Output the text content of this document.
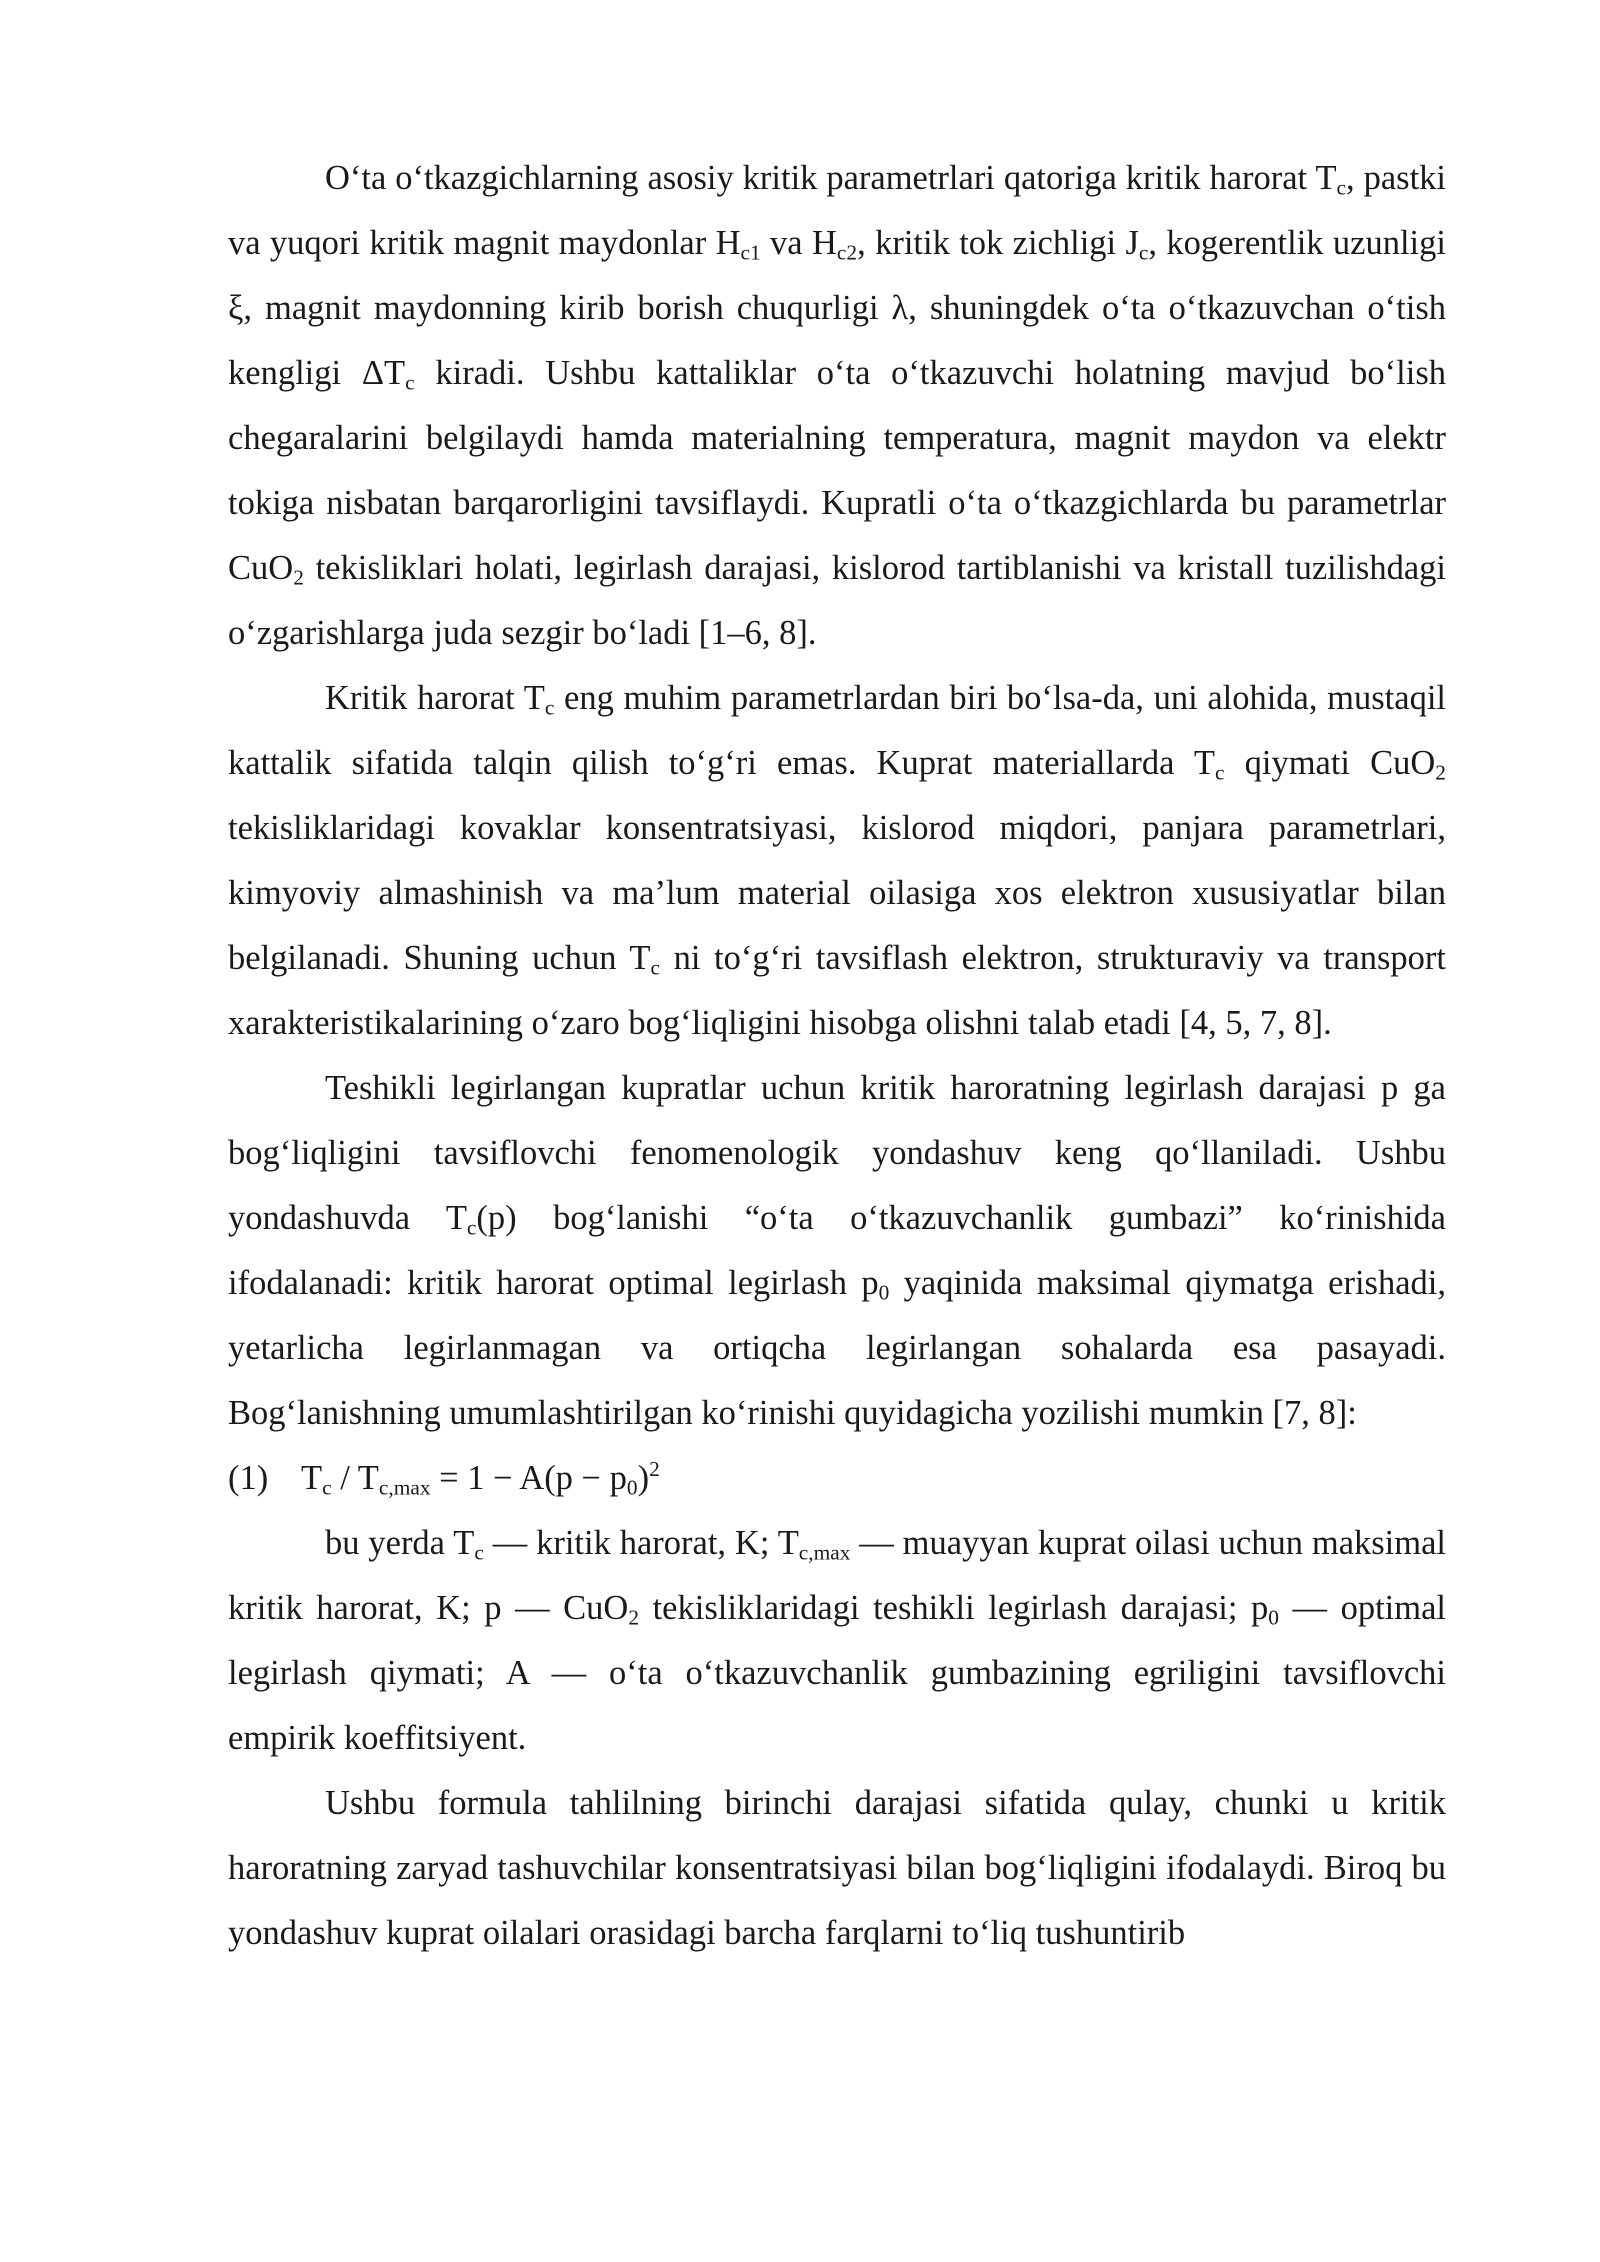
O‘ta o‘tkazgichlarning asosiy kritik parametrlari qatoriga kritik harorat $T_c$, pastki va yuqori kritik magnit maydonlar $H_{c1}$ va $H_{c2}$, kritik tok zichligi $J_c$, kogerentlik uzunligi ξ, magnit maydonning kirib borish chuqurligi λ, shuningdek o‘ta o‘tkazuvchan o‘tish kengligi $\Delta T_c$ kiradi. Ushbu kattaliklar o‘ta o‘tkazuvchi holatning mavjud bo‘lish chegaralarini belgilaydi hamda materialning temperatura, magnit maydon va elektr tokiga nisbatan barqarorligini tavsiflaydi. Kupratli o‘ta o‘tkazgichlarda bu parametrlar CuO$_2$ tekisliklari holati, legirlash darajasi, kislorod tartiblanishi va kristall tuzilishdagi o‘zgarishlarga juda sezgir bo‘ladi [1–6, 8].

Kritik harorat $T_c$ eng muhim parametrlardan biri bo‘lsa-da, uni alohida, mustaqil kattalik sifatida talqin qilish to‘g‘ri emas. Kuprat materiallarda $T_c$ qiymati CuO$_2$ tekisliklaridagi kovaklar konsentratsiyasi, kislorod miqdori, panjara parametrlari, kimyoviy almashinish va ma’lum material oilasiga xos elektron xususiyatlar bilan belgilanadi. Shuning uchun $T_c$ ni to‘g‘ri tavsiflash elektron, strukturaviy va transport xarakteristikalarining o‘zaro bog‘liqligini hisobga olishni talab etadi [4, 5, 7, 8].

Teshikli legirlangan kupratlar uchun kritik haroratning legirlash darajasi p ga bog‘liqligini tavsiflovchi fenomenologik yondashuv keng qo‘llaniladi. Ushbu yondashuvda $T_c(p)$ bog‘lanishi “o‘ta o‘tkazuvchanlik gumbazi” ko‘rinishida ifodalanadi: kritik harorat optimal legirlash $p_0$ yaqinida maksimal qiymatga erishadi, yetarlicha legirlanmagan va ortiqcha legirlangan sohalarda esa pasayadi. Bog‘lanishning umumlashtirilgan ko‘rinishi quyidagicha yozilishi mumkin [7, 8]:

(1) $T_c / T_{c,max} = 1 - A(p - p_0)^2$

bu yerda $T_c$ — kritik harorat, K; $T_{c,max}$ — muayyan kuprat oilasi uchun maksimal kritik harorat, K; p — CuO$_2$ tekisliklaridagi teshikli legirlash darajasi; $p_0$ — optimal legirlash qiymati; A — o‘ta o‘tkazuvchanlik gumbazining egriligini tavsiflovchi empirik koeffitsiyent.

Ushbu formula tahlilning birinchi darajasi sifatida qulay, chunki u kritik haroratning zaryad tashuvchilar konsentratsiyasi bilan bog‘liqligini ifodalaydi. Biroq bu yondashuv kuprat oilalari orasidagi barcha farqlarni to‘liq tushuntirib
